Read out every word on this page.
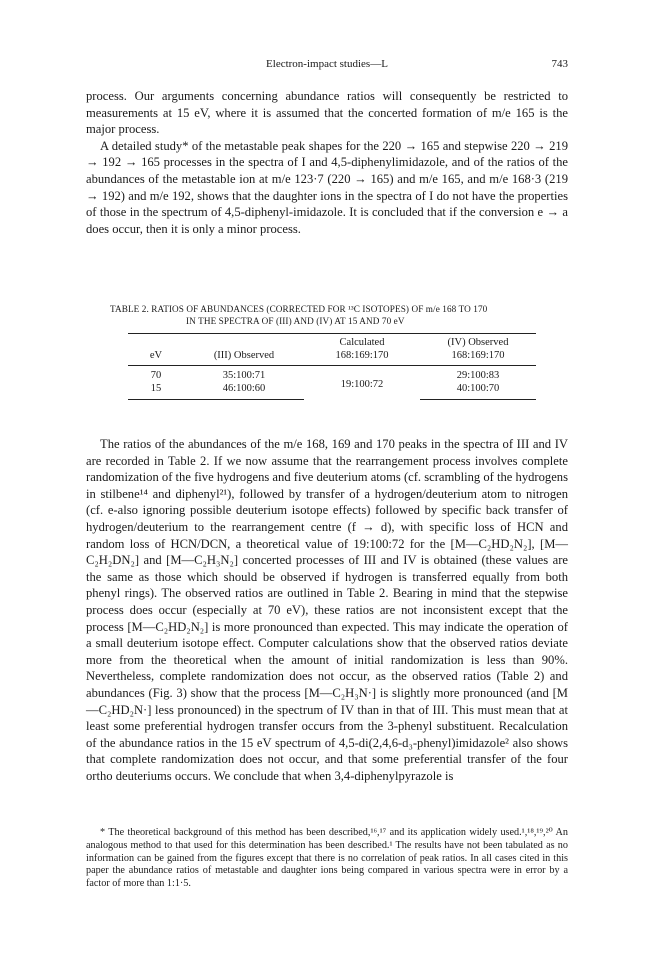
Electron-impact studies—L	743

process. Our arguments concerning abundance ratios will consequently be restricted to measurements at 15 eV, where it is assumed that the concerted formation of m/e 165 is the major process.

A detailed study* of the metastable peak shapes for the 220 → 165 and stepwise 220 → 219 → 192 → 165 processes in the spectra of I and 4,5-diphenylimidazole, and of the ratios of the abundances of the metastable ion at m/e 123·7 (220 → 165) and m/e 165, and m/e 168·3 (219 → 192) and m/e 192, shows that the daughter ions in the spectra of I do not have the properties of those in the spectrum of 4,5-diphenyl-imidazole. It is concluded that if the conversion e → a does occur, then it is only a minor process.

TABLE 2. RATIOS OF ABUNDANCES (CORRECTED FOR ¹³C ISOTOPES) OF m/e 168 TO 170
IN THE SPECTRA OF (III) AND (IV) AT 15 AND 70 eV
		Calculated	(IV) Observed
eV	(III) Observed	168:169:170	168:169:170
70	35:100:71	19:100:72	29:100:83
15	46:100:60		40:100:70

The ratios of the abundances of the m/e 168, 169 and 170 peaks in the spectra of III and IV are recorded in Table 2. If we now assume that the rearrangement process involves complete randomization of the five hydrogens and five deuterium atoms (cf. scrambling of the hydrogens in stilbene¹⁴ and diphenyl²¹), followed by transfer of a hydrogen/deuterium atom to nitrogen (cf. e-also ignoring possible deuterium isotope effects) followed by specific back transfer of hydrogen/deuterium to the rearrangement centre (f → d), with specific loss of HCN and random loss of HCN/DCN, a theoretical value of 19:100:72 for the [M—C₂HD₂N₂], [M—C₂H₂DN₂] and [M—C₂H₃N₂] concerted processes of III and IV is obtained (these values are the same as those which should be observed if hydrogen is transferred equally from both phenyl rings). The observed ratios are outlined in Table 2. Bearing in mind that the stepwise process does occur (especially at 70 eV), these ratios are not inconsistent except that the process [M—C₂HD₂N₂] is more pronounced than expected. This may indicate the operation of a small deuterium isotope effect. Computer calculations show that the observed ratios deviate more from the theoretical when the amount of initial randomization is less than 90%. Nevertheless, complete randomization does not occur, as the observed ratios (Table 2) and abundances (Fig. 3) show that the process [M—C₂H₃N·] is slightly more pronounced (and [M—C₂HD₂N·] less pronounced) in the spectrum of IV than in that of III. This must mean that at least some preferential hydrogen transfer occurs from the 3-phenyl substituent. Recalculation of the abundance ratios in the 15 eV spectrum of 4,5-di(2,4,6-d₃-phenyl)imidazole² also shows that complete randomization does not occur, and that some preferential transfer of the four ortho deuteriums occurs. We conclude that when 3,4-diphenylpyrazole is

* The theoretical background of this method has been described,¹⁶,¹⁷ and its application widely used.¹,¹⁸,¹⁹,²⁰ An analogous method to that used for this determination has been described.¹ The results have not been tabulated as no information can be gained from the figures except that there is no correlation of peak ratios. In all cases cited in this paper the abundance ratios of metastable and daughter ions being compared in various spectra were in error by a factor of more than 1:1·5.
